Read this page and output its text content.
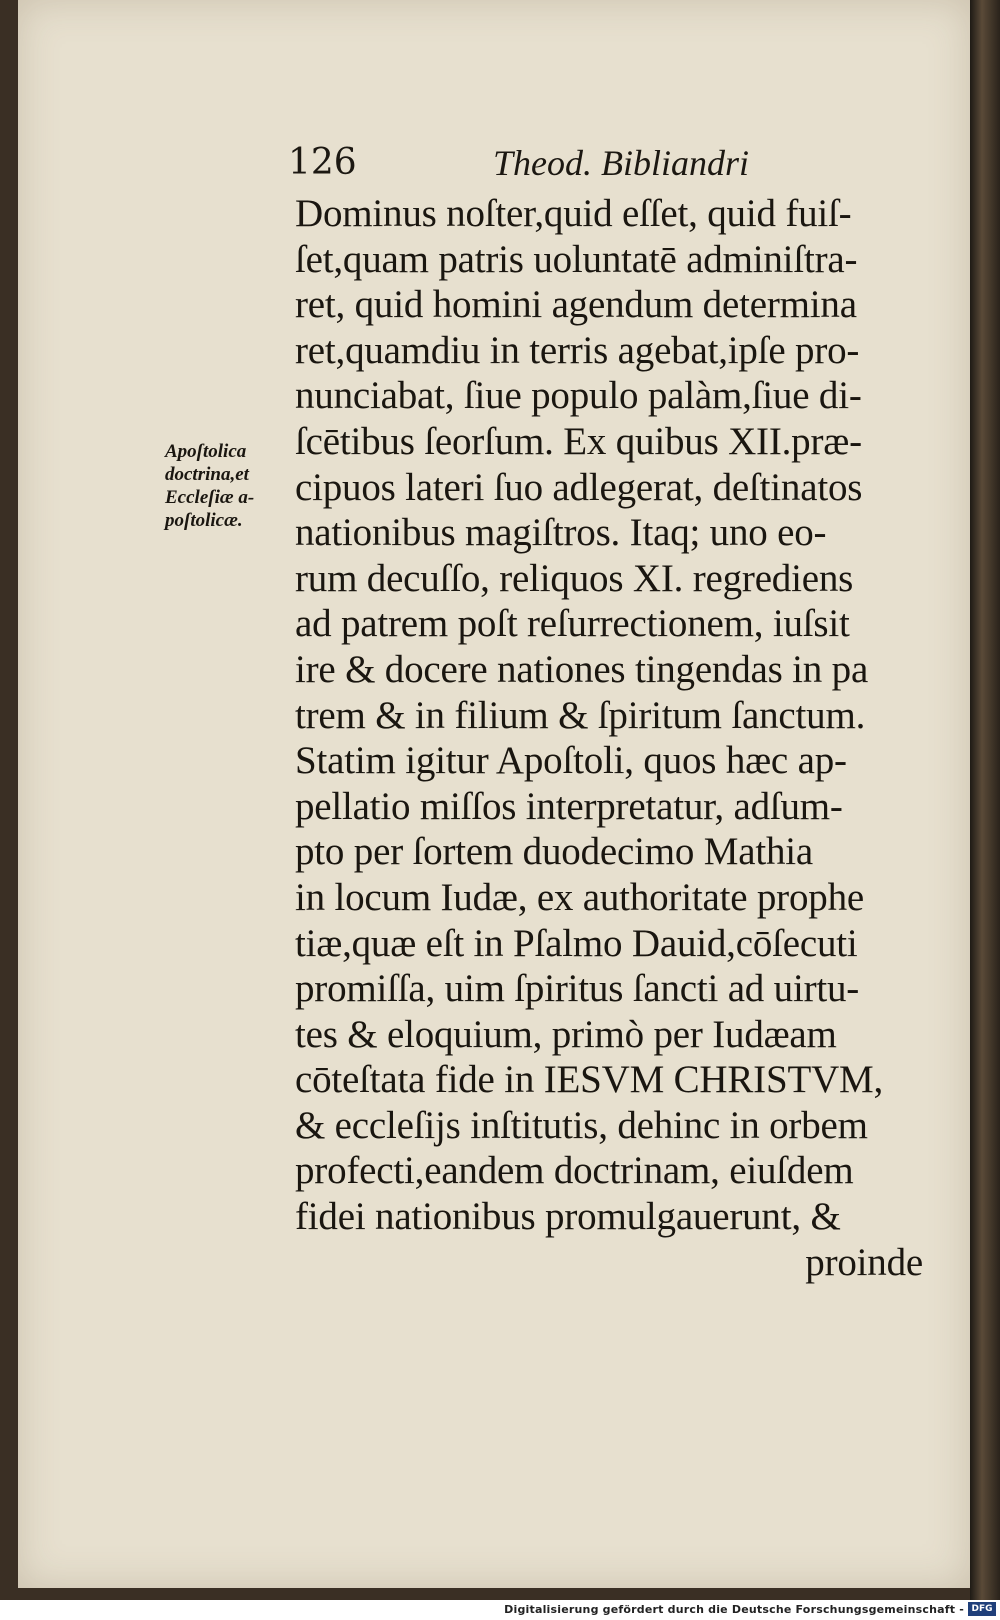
126	Theod. Bibliandri
Apoſtolica
doctrina,et
Eccleſiæ a-
poſtolicæ.
Dominus noſter,quid eſſet, quid fuiſ-
ſet,quam patris uoluntatē adminiſtra-
ret, quid homini agendum determina
ret,quamdiu in terris agebat,ipſe pro-
nunciabat, ſiue populo palàm,ſiue di-
ſcētibus ſeorſum. Ex quibus XII.præ-
cipuos lateri ſuo adlegerat, deſtinatos
nationibus magiſtros. Itaq; uno eo-
rum decuſſo, reliquos XI. regrediens
ad patrem poſt reſurrectionem, iuſsit
ire & docere nationes tingendas in pa
trem & in filium & ſpiritum ſanctum.
Statim igitur Apoſtoli, quos hæc ap-
pellatio miſſos interpretatur, adſum-
pto per ſortem duodecimo Mathia
in locum Iudæ, ex authoritate prophe
tiæ,quæ eſt in Pſalmo Dauid,cōſecuti
promiſſa, uim ſpiritus ſancti ad uirtu-
tes & eloquium, primò per Iudæam
cōteſtata fide in IESVM CHRISTVM,
& eccleſijs inſtitutis, dehinc in orbem
profecti,eandem doctrinam, eiuſdem
fidei nationibus promulgauerunt, &
proinde
Digitalisierung gefördert durch die Deutsche Forschungsgemeinschaft - DFG
